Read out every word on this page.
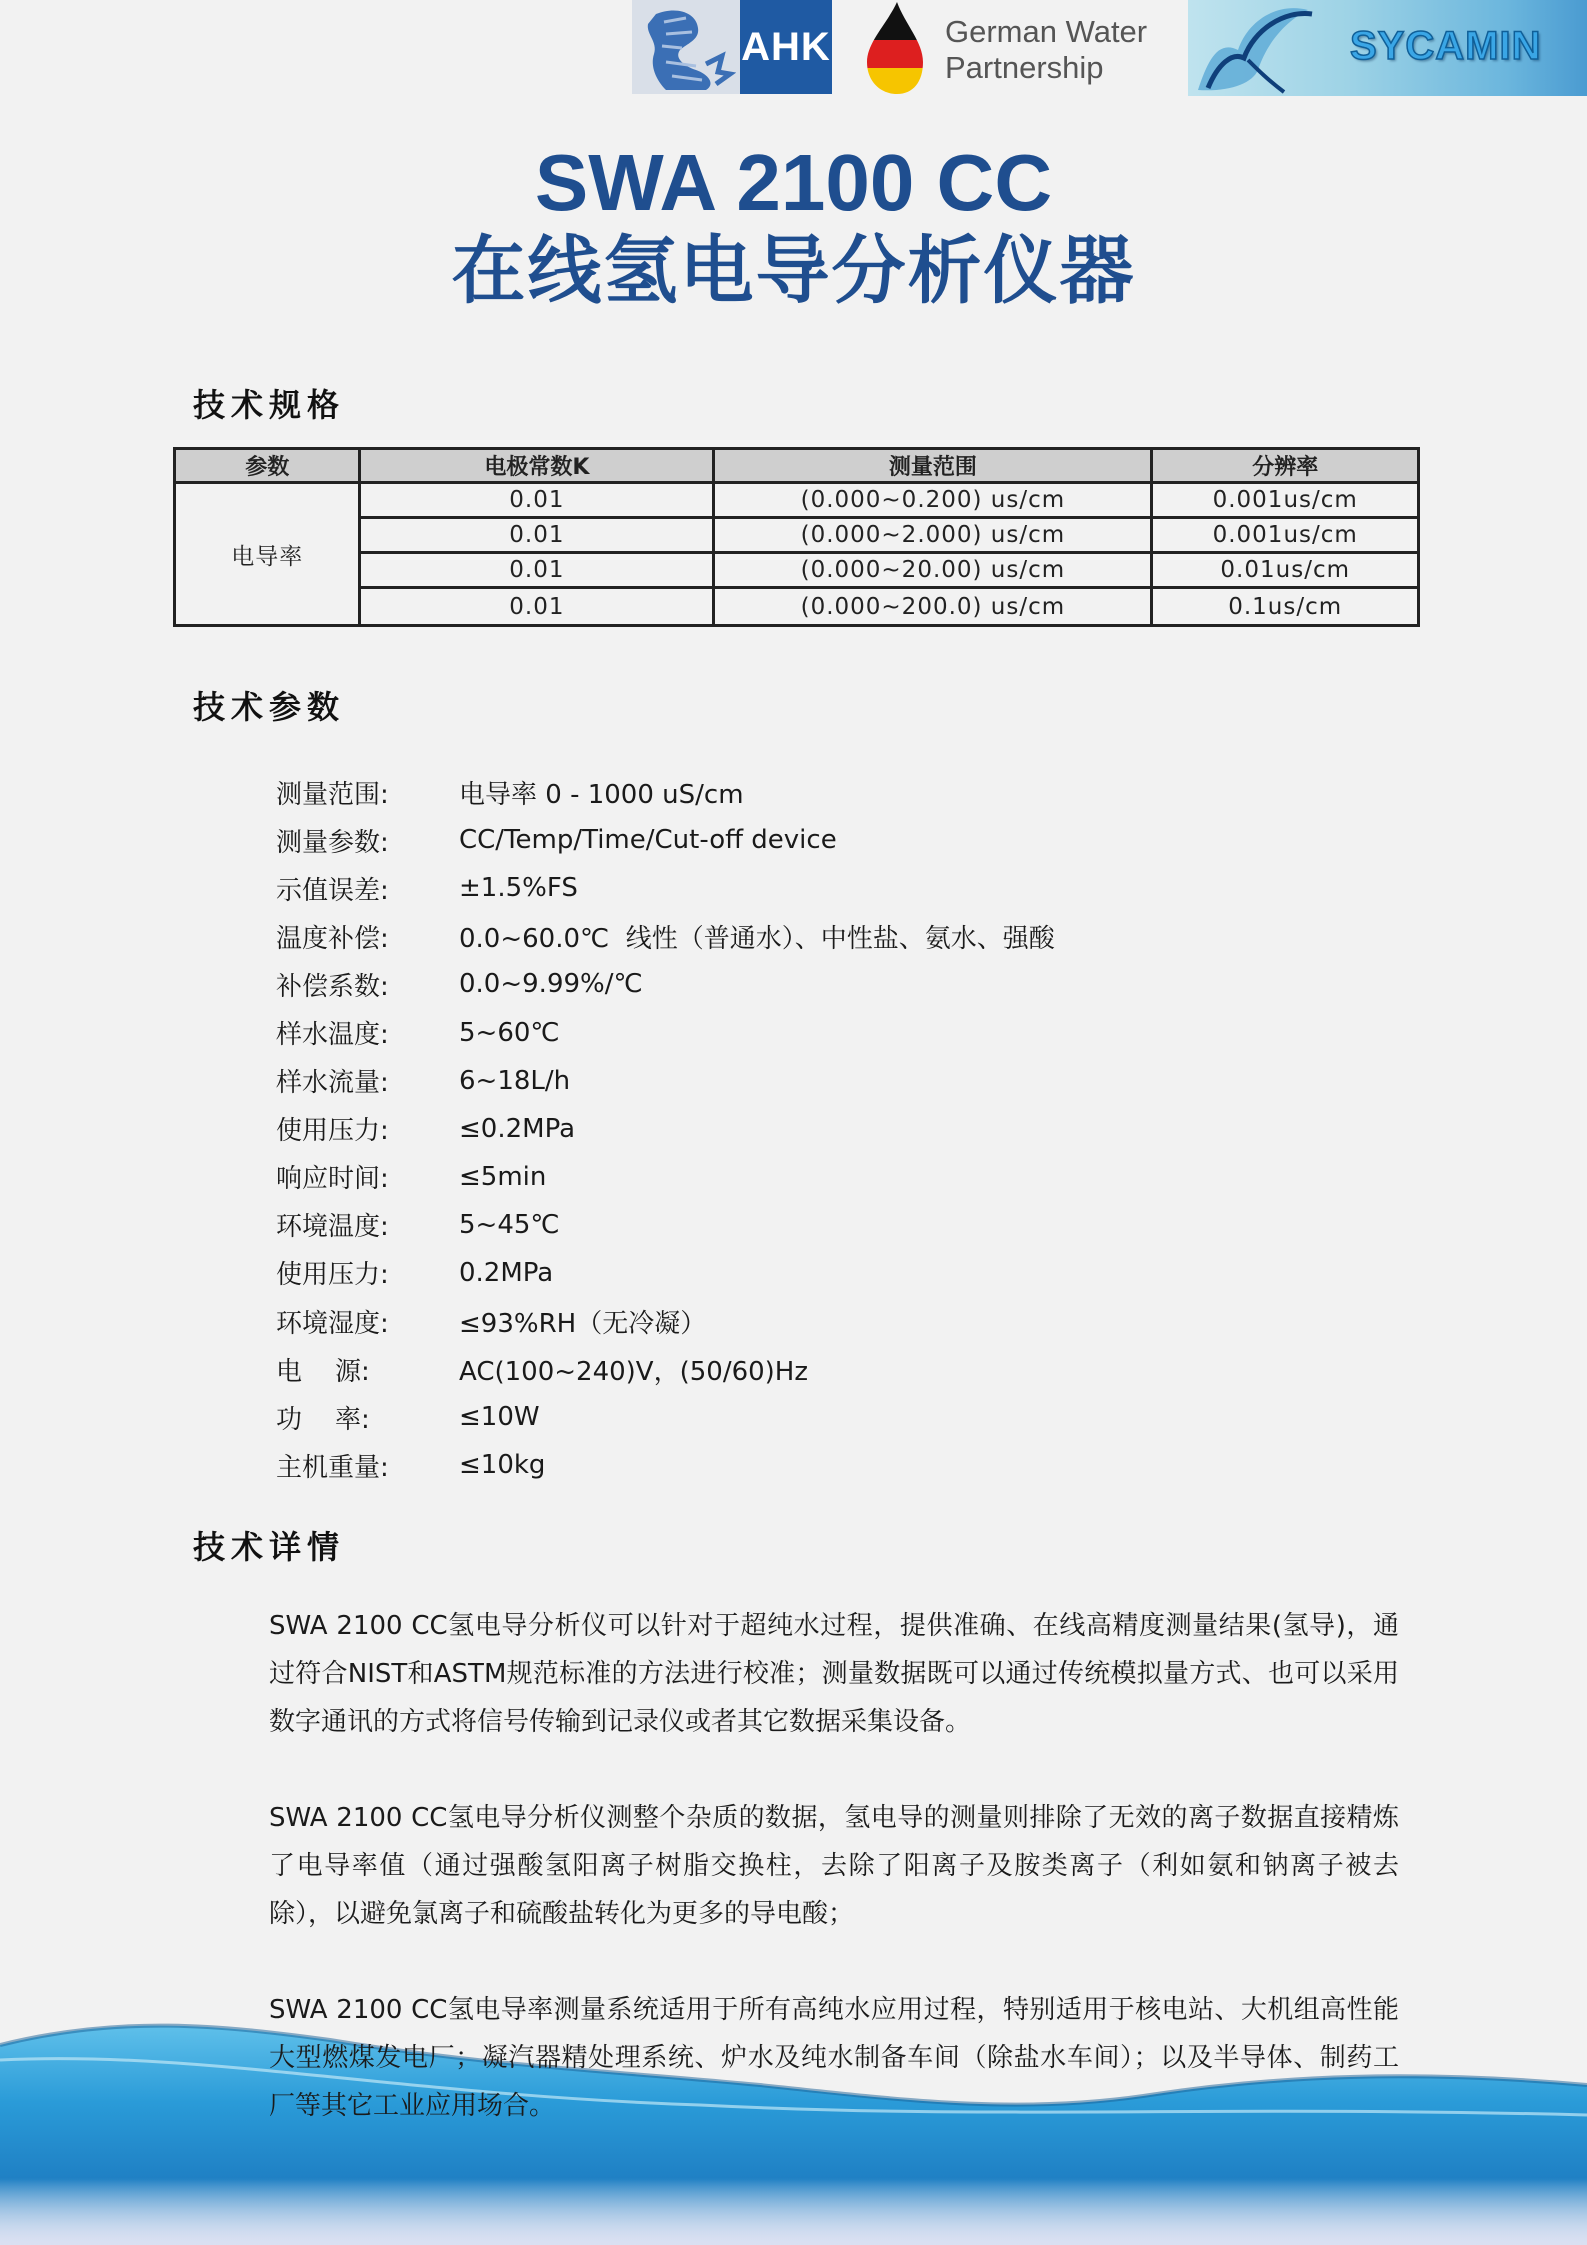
AHK	German Water
Partnership	SYCAMIN
SWA 2100 CC
在线氢电导分析仪器
技术规格
参数	电极常数K	测量范围	分辨率
电导率	0.01	(0.000~0.200) us/cm	0.001us/cm
	0.01	(0.000~2.000) us/cm	0.001us/cm
	0.01	(0.000~20.00) us/cm	0.01us/cm
	0.01	(0.000~200.0) us/cm	0.1us/cm
技术参数
测量范围:	电导率 0 - 1000 uS/cm
测量参数:	CC/Temp/Time/Cut-off device
示值误差:	±1.5%FS
温度补偿:	0.0~60.0℃  线性（普通水）、中性盐、氨水、强酸
补偿系数:	0.0~9.99%/℃
样水温度:	5~60℃
样水流量:	6~18L/h
使用压力:	≤0.2MPa
响应时间:	≤5min
环境温度:	5~45℃
使用压力:	0.2MPa
环境湿度:	≤93%RH（无冷凝）
电    源:	AC(100~240)V，(50/60)Hz
功    率:	≤10W
主机重量:	≤10kg
技术详情

SWA 2100 CC氢电导分析仪可以针对于超纯水过程，提供准确、在线高精度测量结果(氢导)，通过符合NIST和ASTM规范标准的方法进行校准；测量数据既可以通过传统模拟量方式、也可以采用数字通讯的方式将信号传输到记录仪或者其它数据采集设备。

SWA 2100 CC氢电导分析仪测整个杂质的数据，氢电导的测量则排除了无效的离子数据直接精炼了电导率值（通过强酸氢阳离子树脂交换柱，去除了阳离子及胺类离子（利如氨和钠离子被去除），以避免氯离子和硫酸盐转化为更多的导电酸；

SWA 2100 CC氢电导率测量系统适用于所有高纯水应用过程，特别适用于核电站、大机组高性能大型燃煤发电厂；凝汽器精处理系统、炉水及纯水制备车间（除盐水车间）；以及半导体、制药工厂等其它工业应用场合。
